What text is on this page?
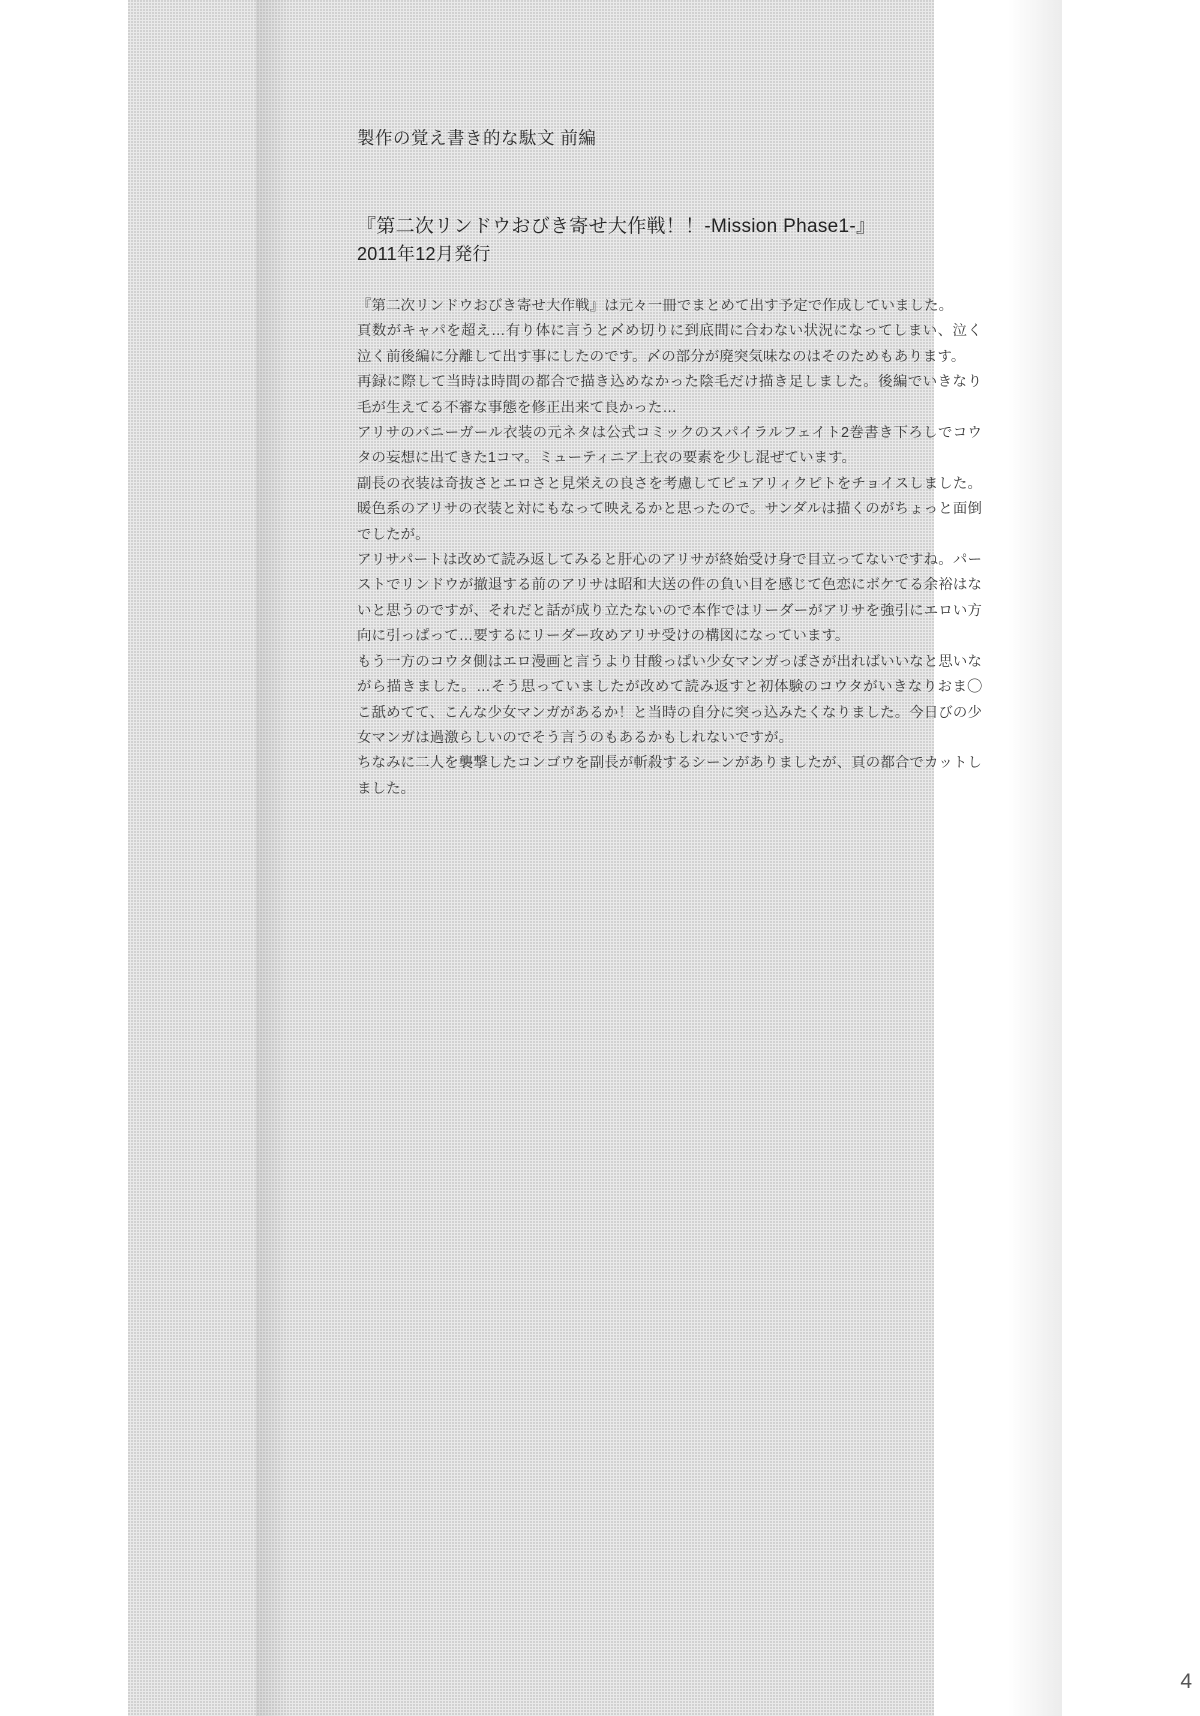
製作の覚え書き的な駄文 前編
『第二次リンドウおびき寄せ大作戦！！-Mission Phase1-』
2011年12月発行

『第二次リンドウおびき寄せ大作戦』は元々一冊でまとめて出す予定で作成していました。

頁数がキャパを超え…有り体に言うと〆め切りに到底間に合わない状況になってしまい、泣く泣く前後編に分離して出す事にしたのです。〆の部分が廃突気味なのはそのためもあります。

再録に際して当時は時間の都合で描き込めなかった陰毛だけ描き足しました。後編でいきなり毛が生えてる不審な事態を修正出来て良かった…

アリサのバニーガール衣装の元ネタは公式コミックのスパイラルフェイト2巻書き下ろしでコウタの妄想に出てきた1コマ。ミューティニア上衣の要素を少し混ぜています。

副長の衣装は奇抜さとエロさと見栄えの良さを考慮してピュアリィクピトをチョイスしました。暖色系のアリサの衣装と対にもなって映えるかと思ったので。サンダルは描くのがちょっと面倒でしたが。

アリサパートは改めて読み返してみると肝心のアリサが終始受け身で目立ってないですね。パーストでリンドウが撤退する前のアリサは昭和大送の件の負い目を感じて色恋にボケてる余裕はないと思うのですが、それだと話が成り立たないので本作ではリーダーがアリサを強引にエロい方向に引っぱって…要するにリーダー攻めアリサ受けの構図になっています。

もう一方のコウタ側はエロ漫画と言うより甘酸っぱい少女マンガっぽさが出ればいいなと思いながら描きました。…そう思っていましたが改めて読み返すと初体験のコウタがいきなりおま◯こ舐めてて、こんな少女マンガがあるか！と当時の自分に突っ込みたくなりました。今日びの少女マンガは過激らしいのでそう言うのもあるかもしれないですが。

ちなみに二人を襲撃したコンゴウを副長が斬殺するシーンがありましたが、頁の都合でカットしました。

4
